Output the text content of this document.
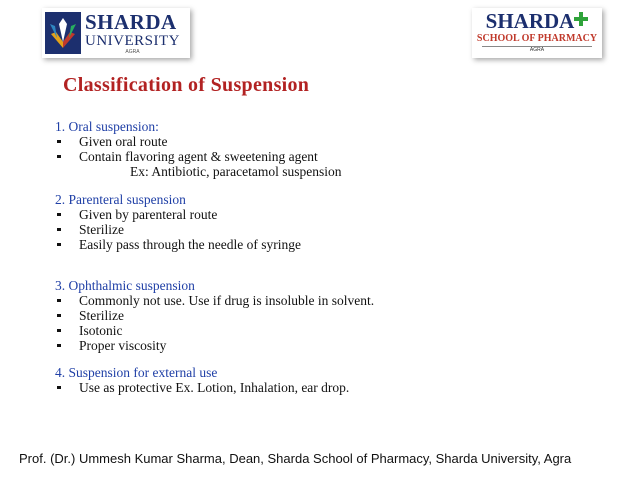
SHARDA
UNIVERSITY
AGRA
SHARDA
SCHOOL OF PHARMACY
AGRA
Classification of Suspension
1. Oral suspension:
Given oral route
Contain flavoring agent & sweetening agent
Ex: Antibiotic, paracetamol suspension
2. Parenteral suspension
Given by parenteral route
Sterilize
Easily pass through the needle of syringe
3. Ophthalmic suspension
Commonly not use. Use if drug is insoluble in solvent.
Sterilize
Isotonic
Proper viscosity
4. Suspension for external use
Use as protective Ex. Lotion, Inhalation, ear drop.

Prof. (Dr.) Ummesh Kumar Sharma, Dean, Sharda School of Pharmacy, Sharda University, Agra
